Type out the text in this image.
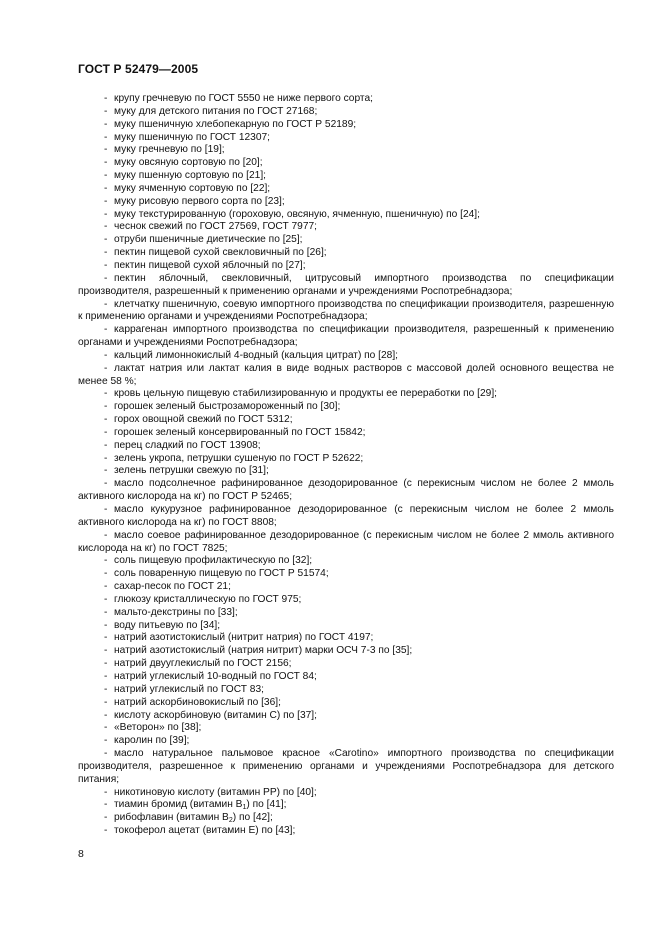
ГОСТ Р 52479—2005
- крупу гречневую по ГОСТ 5550 не ниже первого сорта;
- муку для детского питания по ГОСТ 27168;
- муку пшеничную хлебопекарную по ГОСТ Р 52189;
- муку пшеничную по ГОСТ 12307;
- муку гречневую по [19];
- муку овсяную сортовую по [20];
- муку пшенную сортовую по [21];
- муку ячменную сортовую по [22];
- муку рисовую первого сорта по [23];
- муку текстурированную (гороховую, овсяную, ячменную, пшеничную) по [24];
- чеснок свежий по ГОСТ 27569, ГОСТ 7977;
- отруби пшеничные диетические по [25];
- пектин пищевой сухой свекловичный по [26];
- пектин пищевой сухой яблочный по [27];
- пектин яблочный, свекловичный, цитрусовый импортного производства по спецификации производителя, разрешенный к применению органами и учреждениями Роспотребнадзора;
- клетчатку пшеничную, соевую импортного производства по спецификации производителя, разрешенную к применению органами и учреждениями Роспотребнадзора;
- каррагенан импортного производства по спецификации производителя, разрешенный к применению органами и учреждениями Роспотребнадзора;
- кальций лимоннокислый 4-водный (кальция цитрат) по [28];
- лактат натрия или лактат калия в виде водных растворов с массовой долей основного вещества не менее 58 %;
- кровь цельную пищевую стабилизированную и продукты ее переработки по [29];
- горошек зеленый быстрозамороженный по [30];
- горох овощной свежий по ГОСТ 5312;
- горошек зеленый консервированный по ГОСТ 15842;
- перец сладкий по ГОСТ 13908;
- зелень укропа, петрушки сушеную по ГОСТ Р 52622;
- зелень петрушки свежую по [31];
- масло подсолнечное рафинированное дезодорированное (с перекисным числом не более 2 ммоль активного кислорода на кг) по ГОСТ Р 52465;
- масло кукурузное рафинированное дезодорированное (с перекисным числом не более 2 ммоль активного кислорода на кг) по ГОСТ 8808;
- масло соевое рафинированное дезодорированное (с перекисным числом не более 2 ммоль активного кислорода на кг) по ГОСТ 7825;
- соль пищевую профилактическую по [32];
- соль поваренную пищевую по ГОСТ Р 51574;
- сахар-песок по ГОСТ 21;
- глюкозу кристаллическую по ГОСТ 975;
- мальто-декстрины по [33];
- воду питьевую по [34];
- натрий азотистокислый (нитрит натрия) по ГОСТ 4197;
- натрий азотистокислый (натрия нитрит) марки ОСЧ 7-3 по [35];
- натрий двууглекислый по ГОСТ 2156;
- натрий углекислый 10-водный по ГОСТ 84;
- натрий углекислый по ГОСТ 83;
- натрий аскорбиновокислый по [36];
- кислоту аскорбиновую (витамин С) по [37];
- «Веторон» по [38];
- каролин по [39];
- масло натуральное пальмовое красное «Carotino» импортного производства по спецификации производителя, разрешенное к применению органами и учреждениями Роспотребнадзора для детского питания;
- никотиновую кислоту (витамин РР) по [40];
- тиамин бромид (витамин $В_1$) по [41];
- рибофлавин (витамин $В_2$) по [42];
- токоферол ацетат (витамин Е) по [43];
8
